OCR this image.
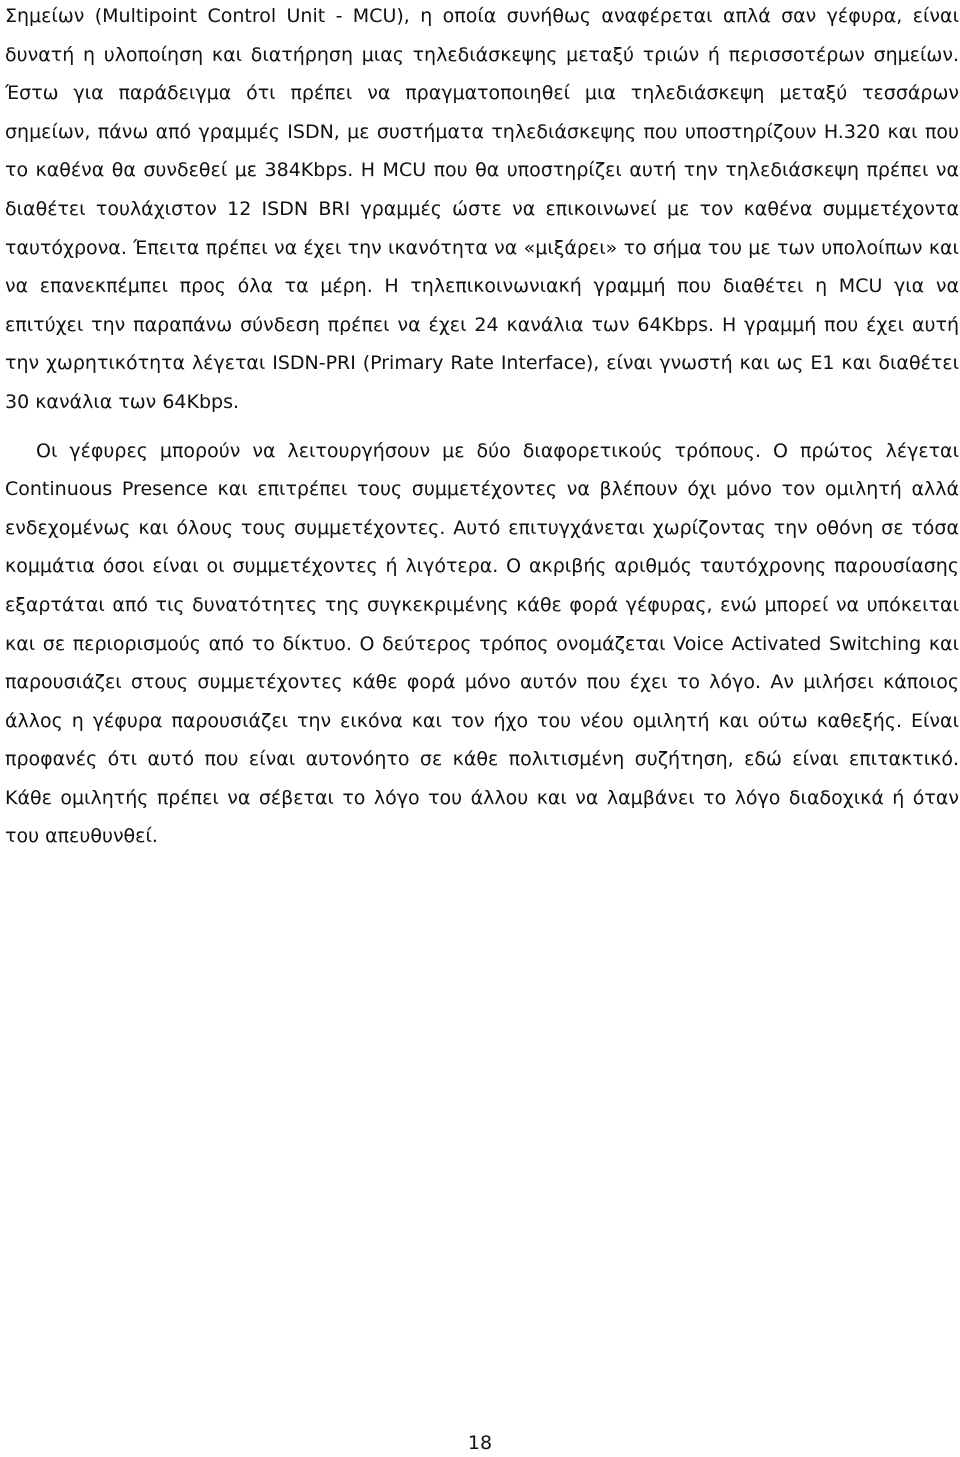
Σημείων (Multipoint Control Unit - MCU), η οποία συνήθως αναφέρεται απλά σαν γέφυρα, είναι δυνατή η υλοποίηση και διατήρηση μιας τηλεδιάσκεψης μεταξύ τριών ή περισσοτέρων σημείων. Έστω για παράδειγμα ότι πρέπει να πραγματοποιηθεί μια τηλεδιάσκεψη μεταξύ τεσσάρων σημείων, πάνω από γραμμές ISDN, με συστήματα τηλεδιάσκεψης που υποστηρίζουν H.320 και που το καθένα θα συνδεθεί με 384Kbps. Η MCU που θα υποστηρίζει αυτή την τηλεδιάσκεψη πρέπει να διαθέτει τουλάχιστον 12 ISDN BRI γραμμές ώστε να επικοινωνεί με τον καθένα συμμετέχοντα ταυτόχρονα. Έπειτα πρέπει να έχει την ικανότητα να «μιξάρει» το σήμα του με των υπολοίπων και να επανεκπέμπει προς όλα τα μέρη. Η τηλεπικοινωνιακή γραμμή που διαθέτει η MCU για να επιτύχει την παραπάνω σύνδεση πρέπει να έχει 24 κανάλια των 64Kbps. Η γραμμή που έχει αυτή την χωρητικότητα λέγεται ISDN-PRI (Primary Rate Interface), είναι γνωστή και ως E1 και διαθέτει 30 κανάλια των 64Kbps.

Οι γέφυρες μπορούν να λειτουργήσουν με δύο διαφορετικούς τρόπους. Ο πρώτος λέγεται Continuous Presence και επιτρέπει τους συμμετέχοντες να βλέπουν όχι μόνο τον ομιλητή αλλά ενδεχομένως και όλους τους συμμετέχοντες. Αυτό επιτυγχάνεται χωρίζοντας την οθόνη σε τόσα κομμάτια όσοι είναι οι συμμετέχοντες ή λιγότερα. Ο ακριβής αριθμός ταυτόχρονης παρουσίασης εξαρτάται από τις δυνατότητες της συγκεκριμένης κάθε φορά γέφυρας, ενώ μπορεί να υπόκειται και σε περιορισμούς από το δίκτυο. Ο δεύτερος τρόπος ονομάζεται Voice Activated Switching και παρουσιάζει στους συμμετέχοντες κάθε φορά μόνο αυτόν που έχει το λόγο. Αν μιλήσει κάποιος άλλος η γέφυρα παρουσιάζει την εικόνα και τον ήχο του νέου ομιλητή και ούτω καθεξής. Είναι προφανές ότι αυτό που είναι αυτονόητο σε κάθε πολιτισμένη συζήτηση, εδώ είναι επιτακτικό. Κάθε ομιλητής πρέπει να σέβεται το λόγο του άλλου και να λαμβάνει το λόγο διαδοχικά ή όταν του απευθυνθεί.

18
